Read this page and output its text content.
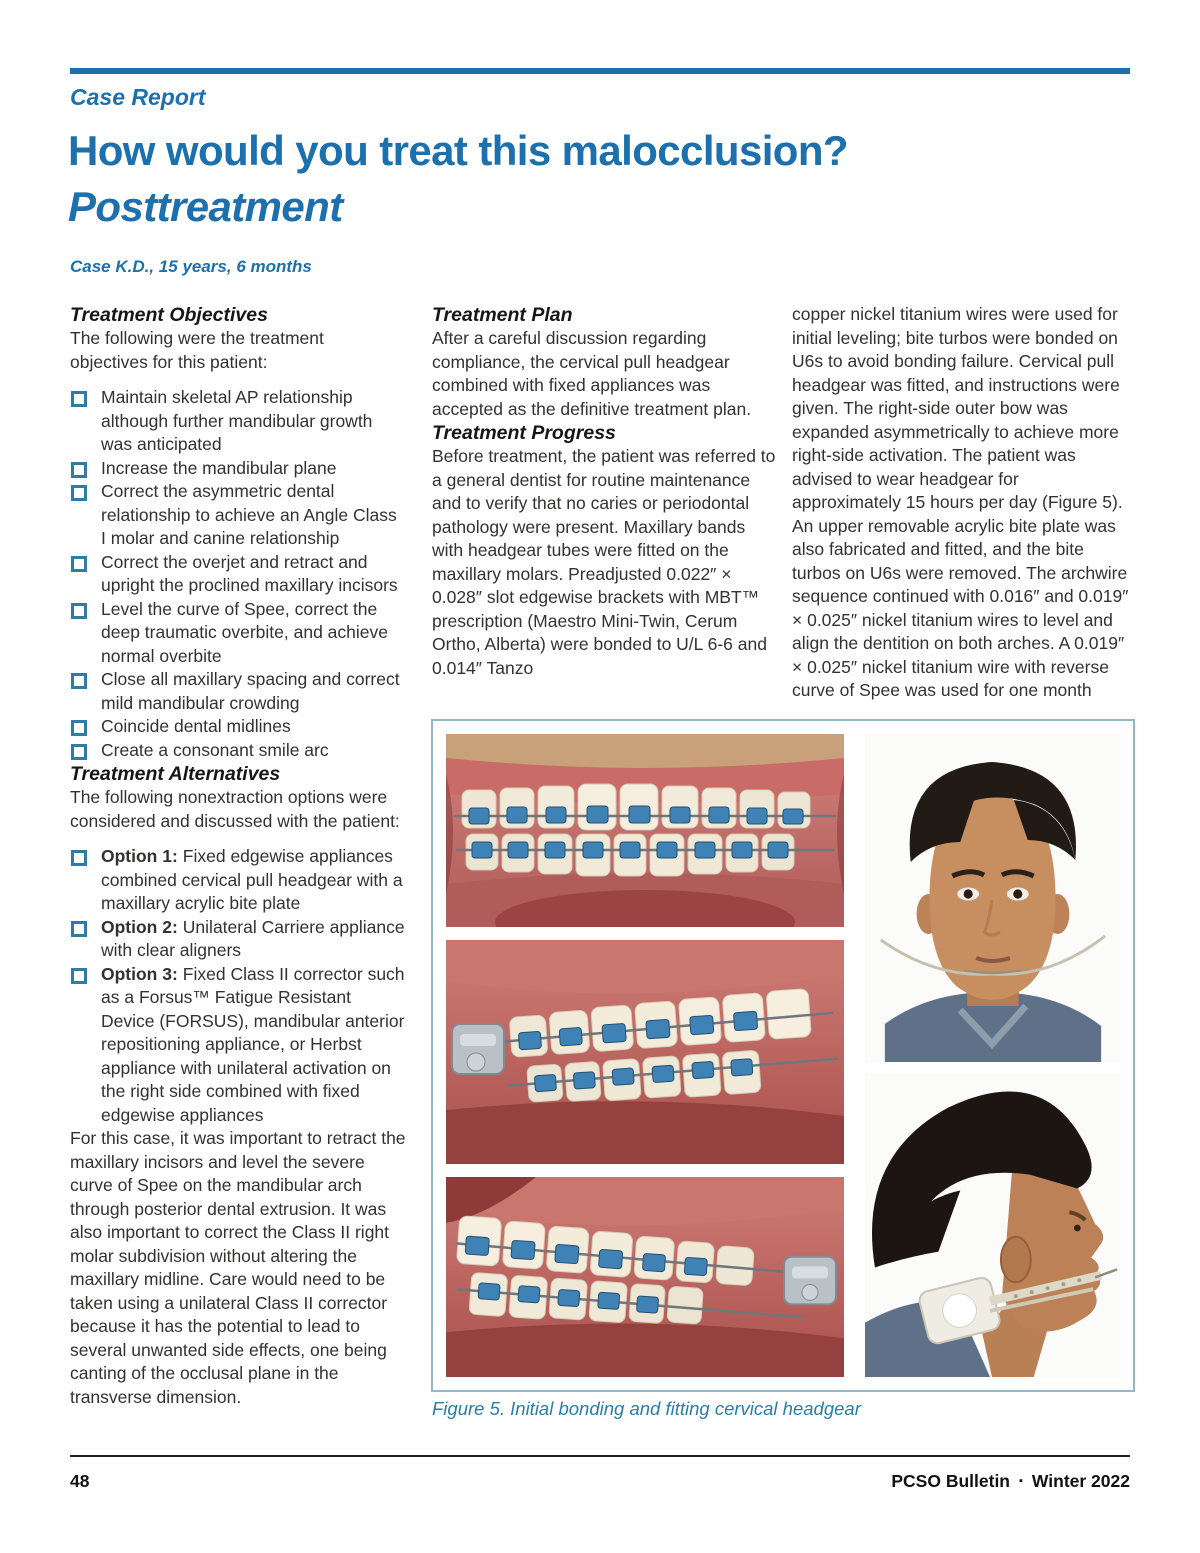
Case Report
How would you treat this malocclusion?
Posttreatment
Case K.D., 15 years, 6 months
Treatment Objectives

The following were the treatment objectives for this patient:

Maintain skeletal AP relationship although further mandibular growth was anticipated
Increase the mandibular plane
Correct the asymmetric dental relationship to achieve an Angle Class I molar and canine relationship
Correct the overjet and retract and upright the proclined maxillary incisors
Level the curve of Spee, correct the deep traumatic overbite, and achieve normal overbite
Close all maxillary spacing and correct mild mandibular crowding
Coincide dental midlines
Create a consonant smile arc
Treatment Alternatives

The following nonextraction options were considered and discussed with the patient:

Option 1: Fixed edgewise appliances combined cervical pull headgear with a maxillary acrylic bite plate
Option 2: Unilateral Carriere appliance with clear aligners
Option 3: Fixed Class II corrector such as a Forsus™ Fatigue Resistant Device (FORSUS), mandibular anterior repositioning appliance, or Herbst appliance with unilateral activation on the right side combined with fixed edgewise appliances

For this case, it was important to retract the maxillary incisors and level the severe curve of Spee on the mandibular arch through posterior dental extrusion. It was also important to correct the Class II right molar subdivision without altering the maxillary midline. Care would need to be taken using a unilateral Class II corrector because it has the potential to lead to several unwanted side effects, one being canting of the occlusal plane in the transverse dimension.

Treatment Plan

After a careful discussion regarding compliance, the cervical pull headgear combined with fixed appliances was accepted as the definitive treatment plan.

Treatment Progress

Before treatment, the patient was referred to a general dentist for routine maintenance and to verify that no caries or periodontal pathology were present. Maxillary bands with headgear tubes were fitted on the maxillary molars. Preadjusted 0.022″ × 0.028″ slot edgewise brackets with MBT™ prescription (Maestro Mini-Twin, Cerum Ortho, Alberta) were bonded to U/L 6-6 and 0.014″ Tanzo

copper nickel titanium wires were used for initial leveling; bite turbos were bonded on U6s to avoid bonding failure. Cervical pull headgear was fitted, and instructions were given. The right-side outer bow was expanded asymmetrically to achieve more right-side activation. The patient was advised to wear headgear for approximately 15 hours per day (Figure 5). An upper removable acrylic bite plate was also fabricated and fitted, and the bite turbos on U6s were removed. The archwire sequence continued with 0.016″ and 0.019″ × 0.025″ nickel titanium wires to level and align the dentition on both arches. A 0.019″ × 0.025″ nickel titanium wire with reverse curve of Spee was used for one month

Figure 5. Initial bonding and fitting cervical headgear
48	PCSO Bulletin ▪ Winter 2022
